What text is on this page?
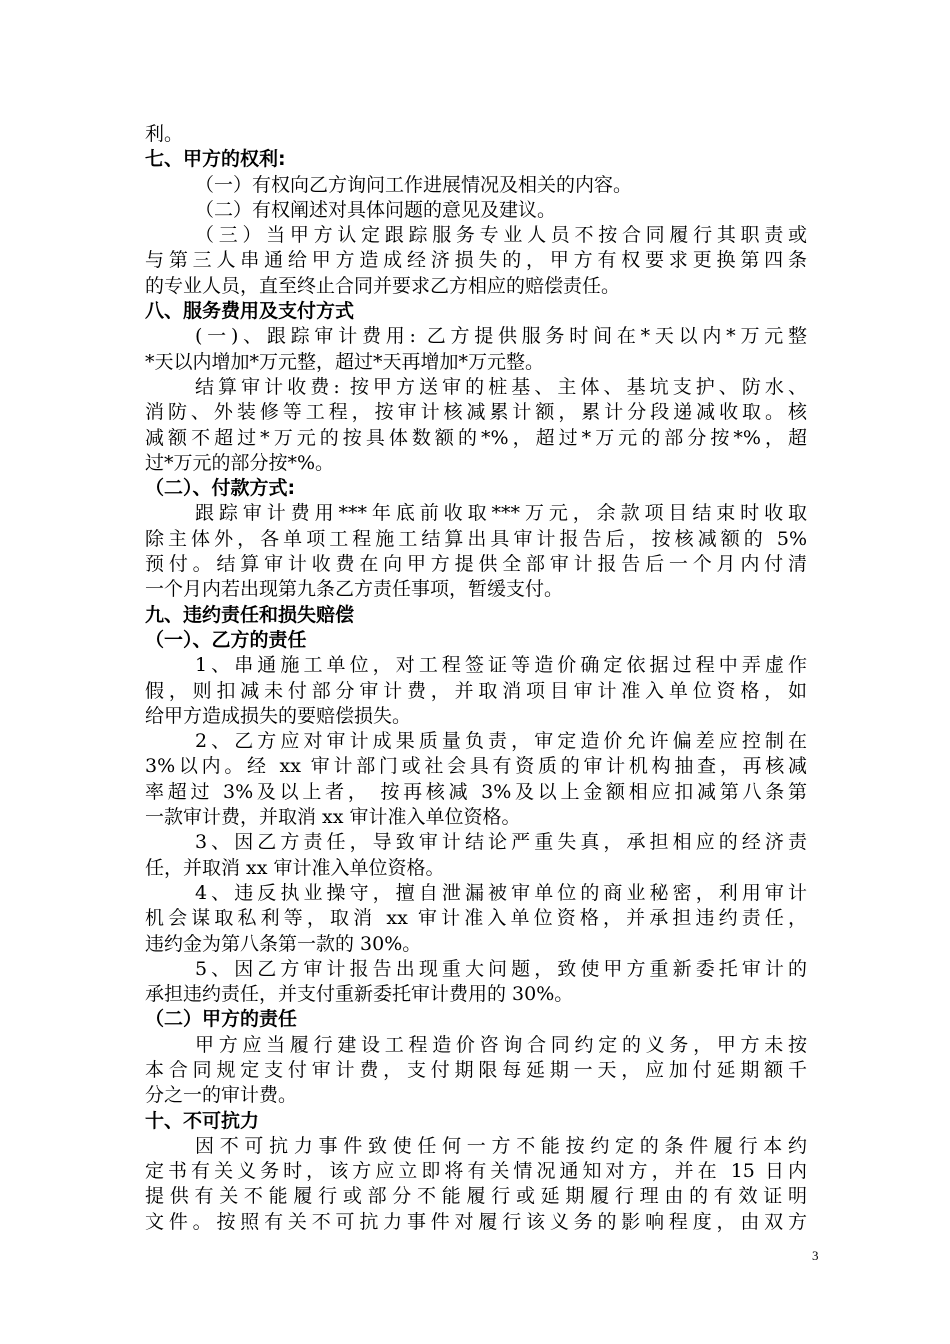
利。
七、甲方的权利:
（一）有权向乙方询问工作进展情况及相关的内容。
（二）有权阐述对具体问题的意见及建议。
（三）当甲方认定跟踪服务专业人员不按合同履行其职责或
与第三人串通给甲方造成经济损失的，甲方有权要求更换第四条
的专业人员，直至终止合同并要求乙方相应的赔偿责任。
八、服务费用及支付方式
(一)、跟踪审计费用: 乙方提供服务时间在*天以内*万元整
*天以内增加*万元整，超过*天再增加*万元整。
结算审计收费: 按甲方送审的桩基、主体、基坑支护、防水、
消防、外装修等工程，按审计核减累计额，累计分段递减收取。核
减额不超过*万元的按具体数额的*%，超过*万元的部分按*%，超
过*万元的部分按*%。
（二）、付款方式:
跟踪审计费用***年底前收取***万元，余款项目结束时收取
除主体外，各单项工程施工结算出具审计报告后，按核减额的 5%
预付。结算审计收费在向甲方提供全部审计报告后一个月内付清
一个月内若出现第九条乙方责任事项，暂缓支付。
九、违约责任和损失赔偿
（一）、乙方的责任
1、串通施工单位，对工程签证等造价确定依据过程中弄虚作
假，则扣减未付部分审计费，并取消项目审计准入单位资格，如
给甲方造成损失的要赔偿损失。
2、乙方应对审计成果质量负责，审定造价允许偏差应控制在
3%以内。经 xx 审计部门或社会具有资质的审计机构抽查，再核减
率超过 3%及以上者， 按再核减 3%及以上金额相应扣减第八条第
一款审计费，并取消 xx 审计准入单位资格。
3、因乙方责任，导致审计结论严重失真，承担相应的经济责
任，并取消 xx 审计准入单位资格。
4、违反执业操守，擅自泄漏被审单位的商业秘密，利用审计
机会谋取私利等，取消 xx 审计准入单位资格，并承担违约责任，
违约金为第八条第一款的 30%。
5、因乙方审计报告出现重大问题，致使甲方重新委托审计的
承担违约责任，并支付重新委托审计费用的 30%。
（二）甲方的责任
甲方应当履行建设工程造价咨询合同约定的义务，甲方未按
本合同规定支付审计费，支付期限每延期一天，应加付延期额千
分之一的审计费。
十、不可抗力
因不可抗力事件致使任何一方不能按约定的条件履行本约
定书有关义务时，该方应立即将有关情况通知对方，并在 15 日内
提供有关不能履行或部分不能履行或延期履行理由的有效证明
文件。按照有关不可抗力事件对履行该义务的影响程度，由双方
3
